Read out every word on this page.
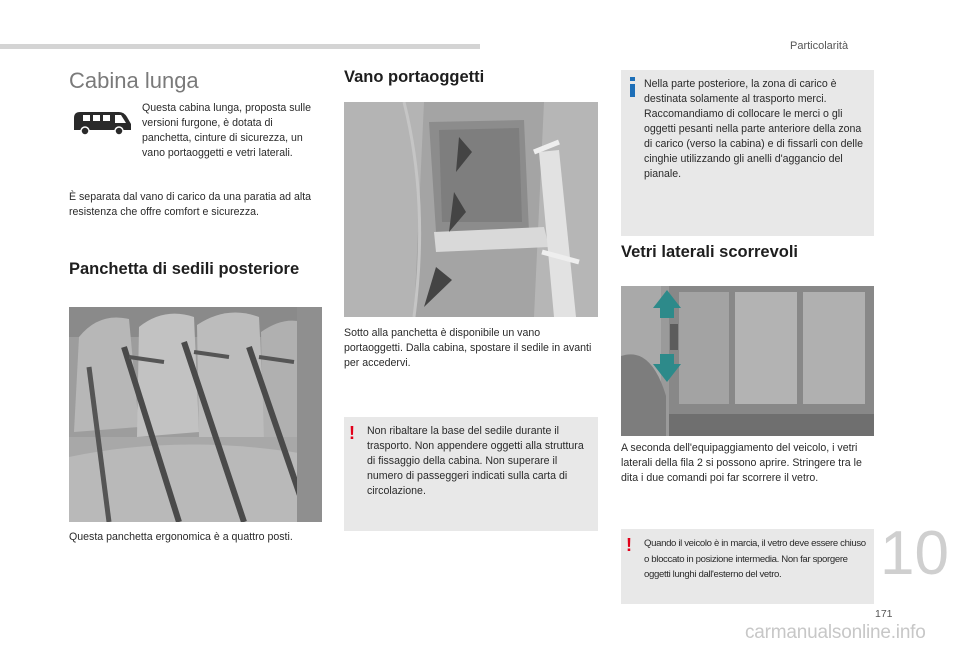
Particolarità
Cabina lunga
Questa cabina lunga, proposta sulle versioni furgone, è dotata di panchetta, cinture di sicurezza, un vano portaoggetti e vetri laterali.
È separata dal vano di carico da una paratia ad alta resistenza che offre comfort e sicurezza.
Panchetta di sedili posteriore
Questa panchetta ergonomica è a quattro posti.
Vano portaoggetti
Sotto alla panchetta è disponibile un vano portaoggetti. Dalla cabina, spostare il sedile in avanti per accedervi.
! Non ribaltare la base del sedile durante il trasporto. Non appendere oggetti alla struttura di fissaggio della cabina. Non superare il numero di passeggeri indicati sulla carta di circolazione.
Nella parte posteriore, la zona di carico è destinata solamente al trasporto merci. Raccomandiamo di collocare le merci o gli oggetti pesanti nella parte anteriore della zona di carico (verso la cabina) e di fissarli con delle cinghie utilizzando gli anelli d'aggancio del pianale.
Vetri laterali scorrevoli
A seconda dell'equipaggiamento del veicolo, i vetri laterali della fila 2 si possono aprire. Stringere tra le dita i due comandi poi far scorrere il vetro.
! Quando il veicolo è in marcia, il vetro deve essere chiuso o bloccato in posizione intermedia. Non far sporgere oggetti lunghi dall'esterno del vetro.	10
171
carmanualsonline.info
